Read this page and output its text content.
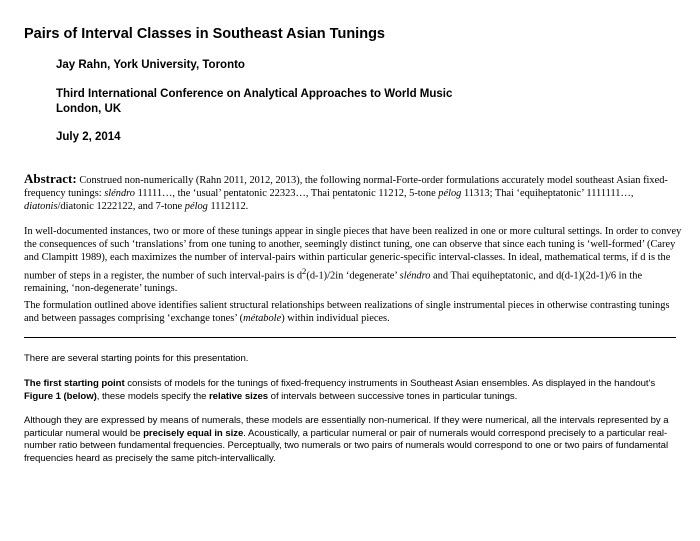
Pairs of Interval Classes in Southeast Asian Tunings

Jay Rahn, York University, Toronto

Third International Conference on Analytical Approaches to World Music
London, UK

July 2, 2014

Abstract: Construed non-numerically (Rahn 2011, 2012, 2013), the following normal-Forte-order formulations accurately model southeast Asian fixed-frequency tunings: sléndro 11111…, the ‘usual’ pentatonic 22323…, Thai pentatonic 11212, 5-tone pélog 11313; Thai ‘equiheptatonic’ 1111111…, diatonis/diatonic 1222122, and 7-tone pélog 1112112.

In well-documented instances, two or more of these tunings appear in single pieces that have been realized in one or more cultural settings. In order to convey the consequences of such ‘translations’ from one tuning to another, seemingly distinct tuning, one can observe that since each tuning is ‘well-formed’ (Carey and Clampitt 1989), each maximizes the number of interval-pairs within particular generic-specific interval-classes. In ideal, mathematical terms, if d is the number of steps in a register, the number of such interval-pairs is $d^2(d-1)/2in$ ‘degenerate’ sléndro and Thai equiheptatonic, and d(d-1)(2d-1)/6 in the remaining, ‘non-degenerate’ tunings.

The formulation outlined above identifies salient structural relationships between realizations of single instrumental pieces in otherwise contrasting tunings and between passages comprising ‘exchange tones’ (métabole) within individual pieces.

There are several starting points for this presentation.

The first starting point consists of models for the tunings of fixed-frequency instruments in Southeast Asian ensembles. As displayed in the handout’s Figure 1 (below), these models specify the relative sizes of intervals between successive tones in particular tunings.

Although they are expressed by means of numerals, these models are essentially non-numerical. If they were numerical, all the intervals represented by a particular numeral would be precisely equal in size. Acoustically, a particular numeral or pair of numerals would correspond precisely to a particular real-number ratio between fundamental frequencies. Perceptually, two numerals or two pairs of numerals would correspond to one or two pairs of fundamental frequencies heard as precisely the same pitch-intervallically.
